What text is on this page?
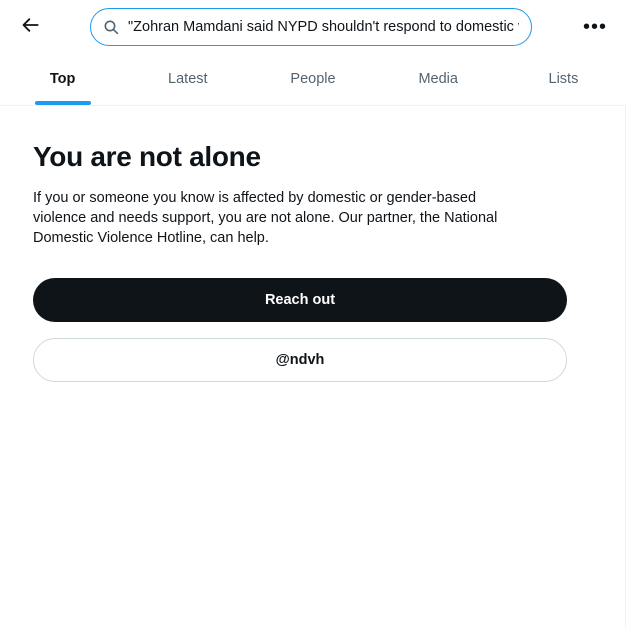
"Zohran Mamdani said NYPD shouldn't respond to domestic v
•••
Top	Latest	People	Media	Lists
You are not alone

If you or someone you know is affected by domestic or gender-based violence and needs support, you are not alone. Our partner, the National Domestic Violence Hotline, can help.

Reach out
@ndvh
